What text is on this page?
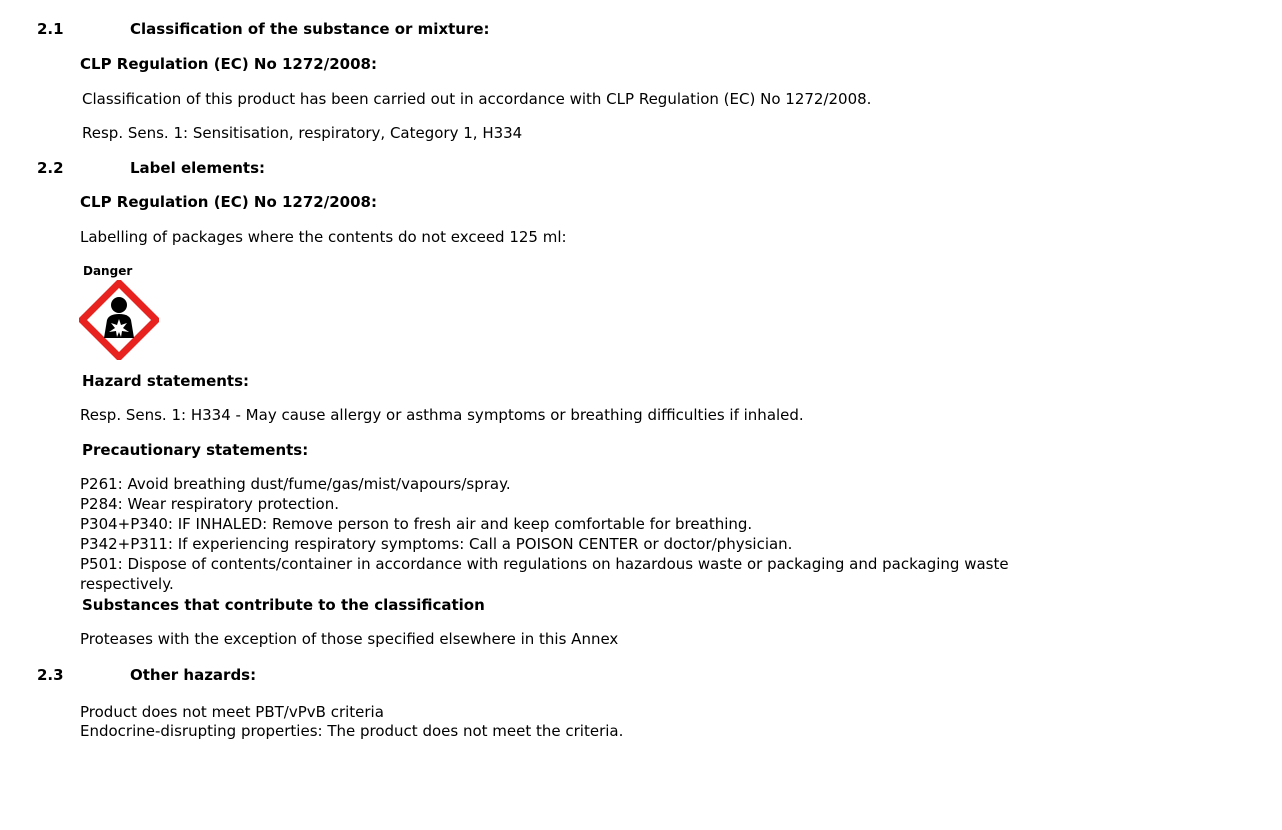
2.1	Classification of the substance or mixture:
CLP Regulation (EC) No 1272/2008:
Classification of this product has been carried out in accordance with CLP Regulation (EC) No 1272/2008.
Resp. Sens. 1: Sensitisation, respiratory, Category 1, H334
2.2	Label elements:
CLP Regulation (EC) No 1272/2008:
Labelling of packages where the contents do not exceed 125 ml:
Danger
Hazard statements:
Resp. Sens. 1: H334 - May cause allergy or asthma symptoms or breathing difficulties if inhaled.
Precautionary statements:
P261: Avoid breathing dust/fume/gas/mist/vapours/spray.
P284: Wear respiratory protection.
P304+P340: IF INHALED: Remove person to fresh air and keep comfortable for breathing.
P342+P311: If experiencing respiratory symptoms: Call a POISON CENTER or doctor/physician.
P501: Dispose of contents/container in accordance with regulations on hazardous waste or packaging and packaging waste
respectively.
Substances that contribute to the classification
Proteases with the exception of those specified elsewhere in this Annex
2.3	Other hazards:
Product does not meet PBT/vPvB criteria
Endocrine-disrupting properties: The product does not meet the criteria.
